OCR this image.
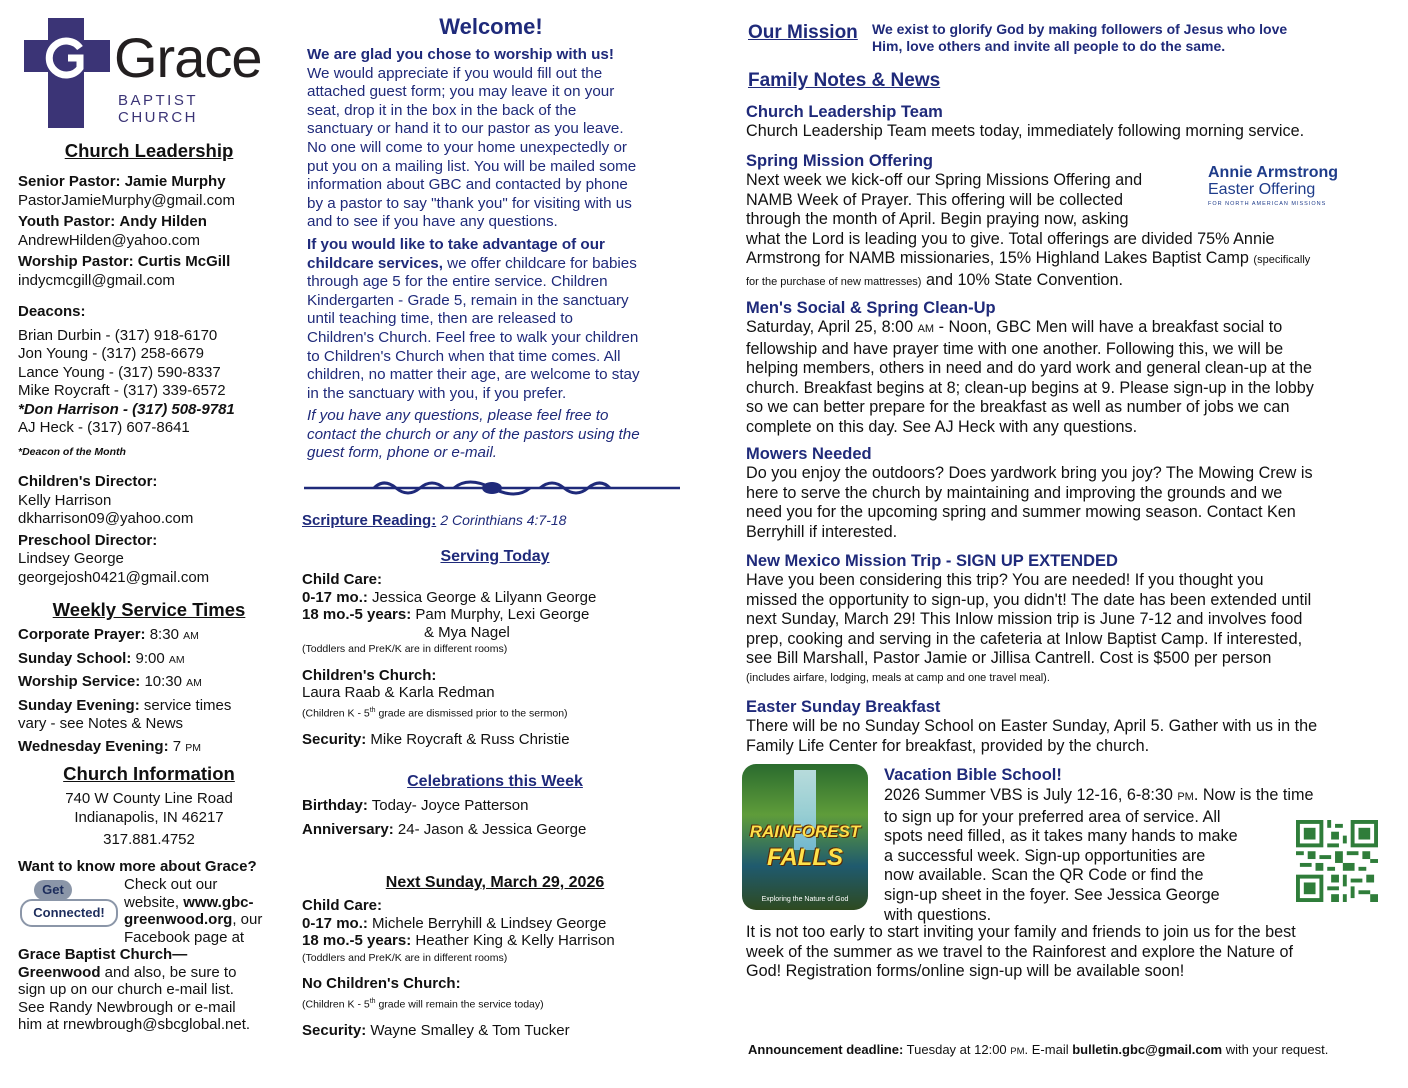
Grace
BAPTIST CHURCH
Church Leadership
Senior Pastor: Jamie Murphy
PastorJamieMurphy@gmail.com
Youth Pastor: Andy Hilden
AndrewHilden@yahoo.com
Worship Pastor: Curtis McGill
indycmcgill@gmail.com
Deacons:
Brian Durbin - (317) 918-6170
Jon Young - (317) 258-6679
Lance Young - (317) 590-8337
Mike Roycraft - (317) 339-6572
*Don Harrison - (317) 508-9781
AJ Heck - (317) 607-8641
*Deacon of the Month
Children's Director:
Kelly Harrison
dkharrison09@yahoo.com
Preschool Director:
Lindsey George
georgejosh0421@gmail.com
Weekly Service Times
Corporate Prayer: 8:30 AM
Sunday School: 9:00 AM
Worship Service: 10:30 AM
Sunday Evening: service times
vary - see Notes & News
Wednesday Evening: 7 PM
Church Information
740 W County Line Road
Indianapolis, IN 46217
317.881.4752
Want to know more about Grace?
Get
Connected!
Check out our
website, www.gbc-
greenwood.org, our
Facebook page at
Grace Baptist Church—
Greenwood and also, be sure to
sign up on our church e-mail list.
See Randy Newbrough or e-mail
him at rnewbrough@sbcglobal.net.
Welcome!
We are glad you chose to worship with us!
We would appreciate if you would fill out the
attached guest form; you may leave it on your
seat, drop it in the box in the back of the
sanctuary or hand it to our pastor as you leave.
No one will come to your home unexpectedly or
put you on a mailing list. You will be mailed some
information about GBC and contacted by phone
by a pastor to say "thank you" for visiting with us
and to see if you have any questions.
If you would like to take advantage of our
childcare services, we offer childcare for babies
through age 5 for the entire service. Children
Kindergarten - Grade 5, remain in the sanctuary
until teaching time, then are released to
Children's Church. Feel free to walk your children
to Children's Church when that time comes. All
children, no matter their age, are welcome to stay
in the sanctuary with you, if you prefer.
If you have any questions, please feel free to
contact the church or any of the pastors using the
guest form, phone or e-mail.
Scripture Reading: 2 Corinthians 4:7-18
Serving Today
Child Care:
0-17 mo.: Jessica George & Lilyann George
18 mo.-5 years: Pam Murphy, Lexi George
& Mya Nagel
(Toddlers and PreK/K are in different rooms)
Children's Church:
Laura Raab & Karla Redman
(Children K - 5th grade are dismissed prior to the sermon)
Security: Mike Roycraft & Russ Christie
Celebrations this Week
Birthday: Today- Joyce Patterson
Anniversary: 24- Jason & Jessica George
Next Sunday, March 29, 2026
Child Care:
0-17 mo.: Michele Berryhill & Lindsey George
18 mo.-5 years: Heather King & Kelly Harrison
(Toddlers and PreK/K are in different rooms)
No Children's Church:
(Children K - 5th grade will remain the service today)
Security: Wayne Smalley & Tom Tucker
Our Mission We exist to glorify God by making followers of Jesus who love
Him, love others and invite all people to do the same.
Family Notes & News
Church Leadership Team
Church Leadership Team meets today, immediately following morning service.
Spring Mission Offering
Next week we kick-off our Spring Missions Offering and
NAMB Week of Prayer. This offering will be collected
through the month of April. Begin praying now, asking
what the Lord is leading you to give. Total offerings are divided 75% Annie
Armstrong for NAMB missionaries, 15% Highland Lakes Baptist Camp (specifically
for the purchase of new mattresses) and 10% State Convention.
Annie Armstrong
Easter Offering
FOR NORTH AMERICAN MISSIONS
Men's Social & Spring Clean-Up
Saturday, April 25, 8:00 AM - Noon, GBC Men will have a breakfast social to
fellowship and have prayer time with one another. Following this, we will be
helping members, others in need and do yard work and general clean-up at the
church. Breakfast begins at 8; clean-up begins at 9. Please sign-up in the lobby
so we can better prepare for the breakfast as well as number of jobs we can
complete on this day. See AJ Heck with any questions.
Mowers Needed
Do you enjoy the outdoors? Does yardwork bring you joy? The Mowing Crew is
here to serve the church by maintaining and improving the grounds and we
need you for the upcoming spring and summer mowing season. Contact Ken
Berryhill if interested.
New Mexico Mission Trip - SIGN UP EXTENDED
Have you been considering this trip? You are needed! If you thought you
missed the opportunity to sign-up, you didn't! The date has been extended until
next Sunday, March 29! This Inlow mission trip is June 7-12 and involves food
prep, cooking and serving in the cafeteria at Inlow Baptist Camp. If interested,
see Bill Marshall, Pastor Jamie or Jillisa Cantrell. Cost is $500 per person
(includes airfare, lodging, meals at camp and one travel meal).
Easter Sunday Breakfast
There will be no Sunday School on Easter Sunday, April 5. Gather with us in the
Family Life Center for breakfast, provided by the church.
RAINFOREST
FALLS
Exploring the Nature of God
Vacation Bible School!
2026 Summer VBS is July 12-16, 6-8:30 PM. Now is the time
to sign up for your preferred area of service. All
spots need filled, as it takes many hands to make
a successful week. Sign-up opportunities are
now available. Scan the QR Code or find the
sign-up sheet in the foyer. See Jessica George
with questions.
It is not too early to start inviting your family and friends to join us for the best
week of the summer as we travel to the Rainforest and explore the Nature of
God! Registration forms/online sign-up will be available soon!
Announcement deadline: Tuesday at 12:00 PM. E-mail bulletin.gbc@gmail.com with your request.
